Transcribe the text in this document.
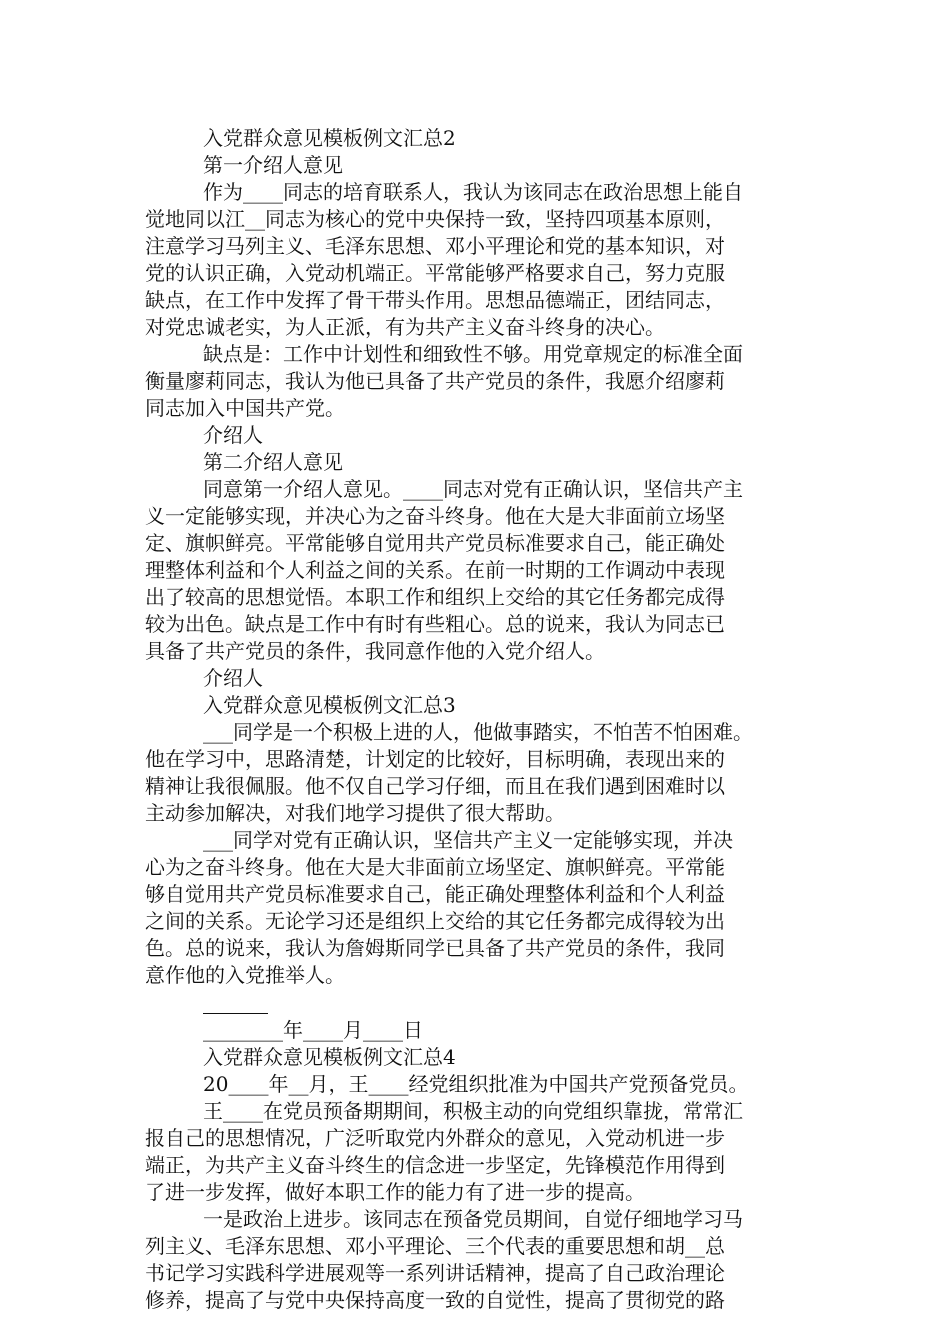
入党群众意见模板例文汇总2
第一介绍人意见
作为____同志的培育联系人，我认为该同志在政治思想上能自
觉地同以江__同志为核心的党中央保持一致，坚持四项基本原则，
注意学习马列主义、毛泽东思想、邓小平理论和党的基本知识，对
党的认识正确，入党动机端正。平常能够严格要求自己，努力克服
缺点，在工作中发挥了骨干带头作用。思想品德端正，团结同志，
对党忠诚老实，为人正派，有为共产主义奋斗终身的决心。
缺点是：工作中计划性和细致性不够。用党章规定的标准全面
衡量廖莉同志，我认为他已具备了共产党员的条件，我愿介绍廖莉
同志加入中国共产党。
介绍人
第二介绍人意见
同意第一介绍人意见。____同志对党有正确认识，坚信共产主
义一定能够实现，并决心为之奋斗终身。他在大是大非面前立场坚
定、旗帜鲜亮。平常能够自觉用共产党员标准要求自己，能正确处
理整体利益和个人利益之间的关系。在前一时期的工作调动中表现
出了较高的思想觉悟。本职工作和组织上交给的其它任务都完成得
较为出色。缺点是工作中有时有些粗心。总的说来，我认为同志已
具备了共产党员的条件，我同意作他的入党介绍人。
介绍人
入党群众意见模板例文汇总3
___同学是一个积极上进的人，他做事踏实，不怕苦不怕困难。
他在学习中，思路清楚，计划定的比较好，目标明确，表现出来的
精神让我很佩服。他不仅自己学习仔细，而且在我们遇到困难时以
主动参加解决，对我们地学习提供了很大帮助。
___同学对党有正确认识，坚信共产主义一定能够实现，并决
心为之奋斗终身。他在大是大非面前立场坚定、旗帜鲜亮。平常能
够自觉用共产党员标准要求自己，能正确处理整体利益和个人利益
之间的关系。无论学习还是组织上交给的其它任务都完成得较为出
色。总的说来，我认为詹姆斯同学已具备了共产党员的条件，我同
意作他的入党推举人。
________年____月____日
入党群众意见模板例文汇总4
20____年__月，王____经党组织批准为中国共产党预备党员。
王____在党员预备期期间，积极主动的向党组织靠拢，常常汇
报自己的思想情况，广泛听取党内外群众的意见，入党动机进一步
端正，为共产主义奋斗终生的信念进一步坚定，先锋模范作用得到
了进一步发挥，做好本职工作的能力有了进一步的提高。
一是政治上进步。该同志在预备党员期间，自觉仔细地学习马
列主义、毛泽东思想、邓小平理论、三个代表的重要思想和胡__总
书记学习实践科学进展观等一系列讲话精神，提高了自己政治理论
修养，提高了与党中央保持高度一致的自觉性，提高了贯彻党的路
